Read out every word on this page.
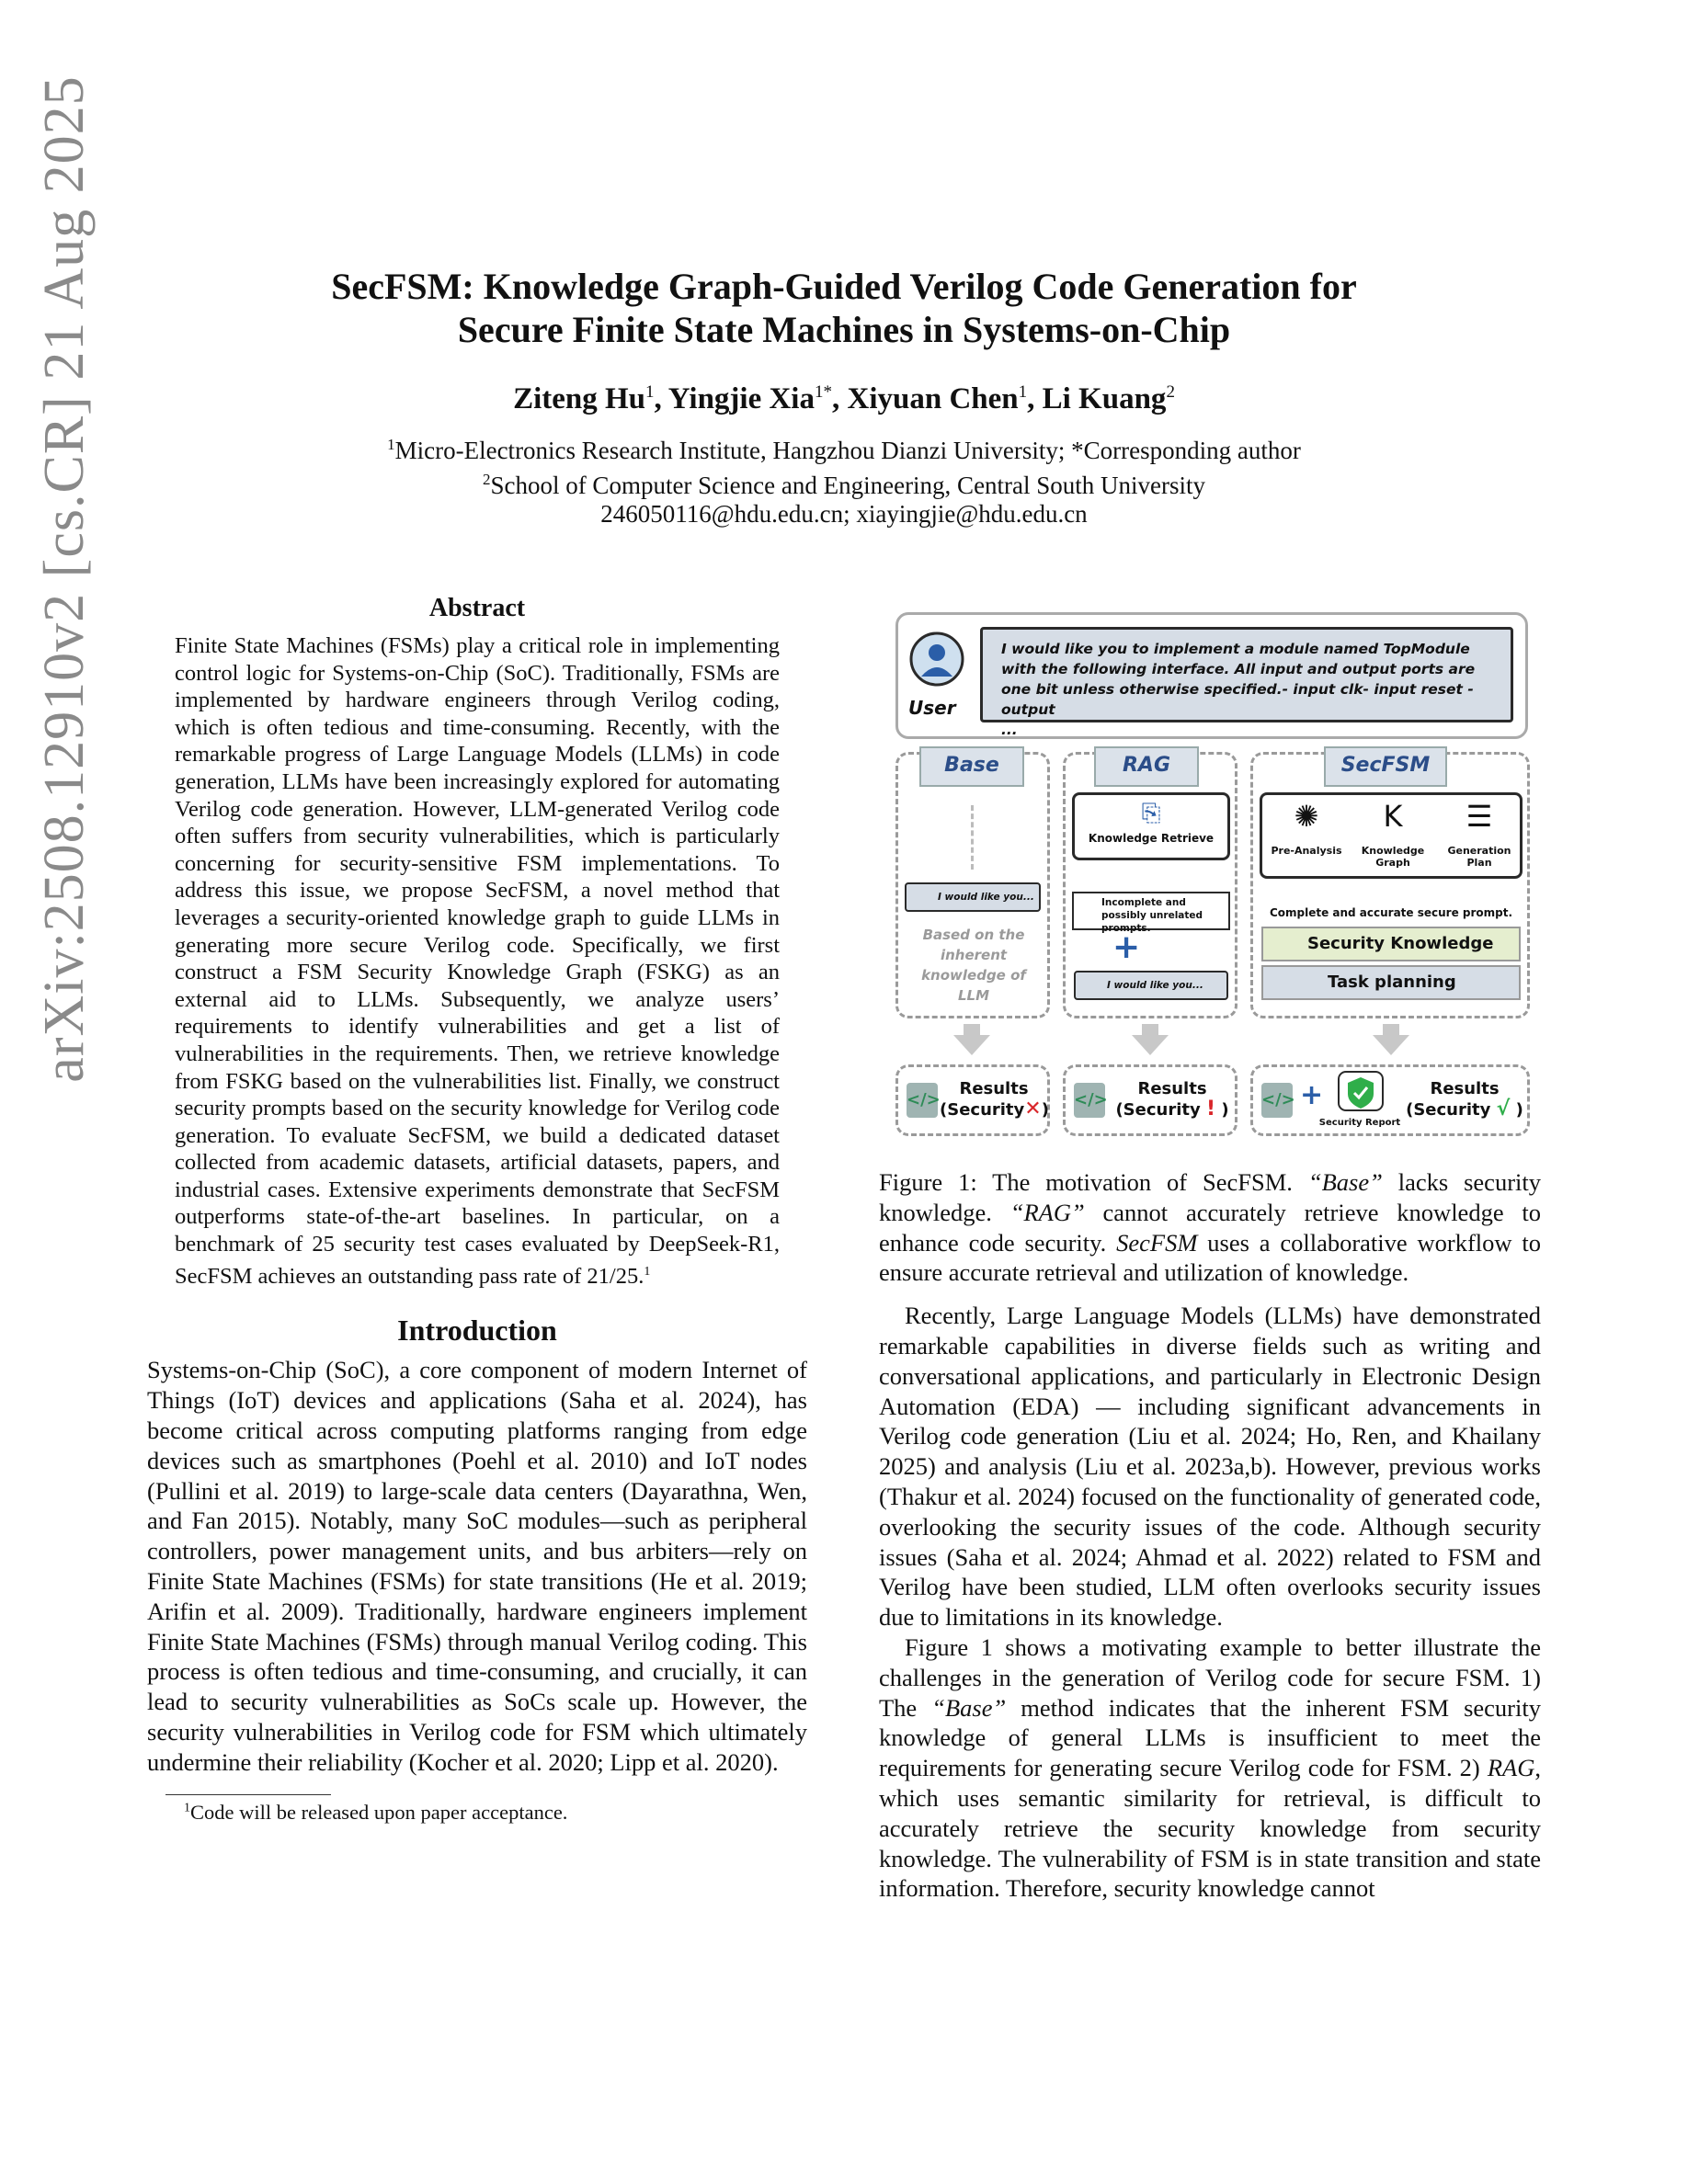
arXiv:2508.12910v2 [cs.CR] 21 Aug 2025	SecFSM: Knowledge Graph-Guided Verilog Code Generation for
Secure Finite State Machines in Systems-on-Chip
Ziteng Hu$^1$, Yingjie Xia$^{1*}$, Xiyuan Chen$^1$, Li Kuang$^2$
$^1$Micro-Electronics Research Institute, Hangzhou Dianzi University; *Corresponding author
$^2$School of Computer Science and Engineering, Central South University
246050116@hdu.edu.cn; xiayingjie@hdu.edu.cn
Abstract
Finite State Machines (FSMs) play a critical role in implementing control logic for Systems-on-Chip (SoC). Traditionally, FSMs are implemented by hardware engineers through Verilog coding, which is often tedious and time-consuming. Recently, with the remarkable progress of Large Language Models (LLMs) in code generation, LLMs have been increasingly explored for automating Verilog code generation. However, LLM-generated Verilog code often suffers from security vulnerabilities, which is particularly concerning for security-sensitive FSM implementations. To address this issue, we propose SecFSM, a novel method that leverages a security-oriented knowledge graph to guide LLMs in generating more secure Verilog code. Specifically, we first construct a FSM Security Knowledge Graph (FSKG) as an external aid to LLMs. Subsequently, we analyze users’ requirements to identify vulnerabilities and get a list of vulnerabilities in the requirements. Then, we retrieve knowledge from FSKG based on the vulnerabilities list. Finally, we construct security prompts based on the security knowledge for Verilog code generation. To evaluate SecFSM, we build a dedicated dataset collected from academic datasets, artificial datasets, papers, and industrial cases. Extensive experiments demonstrate that SecFSM outperforms state-of-the-art baselines. In particular, on a benchmark of 25 security test cases evaluated by DeepSeek-R1, SecFSM achieves an outstanding pass rate of 21/25.$^1$
Introduction

Systems-on-Chip (SoC), a core component of modern Internet of Things (IoT) devices and applications (Saha et al. 2024), has become critical across computing platforms ranging from edge devices such as smartphones (Poehl et al. 2010) and IoT nodes (Pullini et al. 2019) to large-scale data centers (Dayarathna, Wen, and Fan 2015). Notably, many SoC modules—such as peripheral controllers, power management units, and bus arbiters—rely on Finite State Machines (FSMs) for state transitions (He et al. 2019; Arifin et al. 2009). Traditionally, hardware engineers implement Finite State Machines (FSMs) through manual Verilog coding. This process is often tedious and time-consuming, and crucially, it can lead to security vulnerabilities as SoCs scale up. However, the security vulnerabilities in Verilog code for FSM which ultimately undermine their reliability (Kocher et al. 2020; Lipp et al. 2020).

$^1$Code will be released upon paper acceptance.
User
I would like you to implement a module named TopModule with the following interface. All input and output ports are one bit unless otherwise specified.- input clk- input reset -output
...
Base
I would like you...
Based on the inherent knowledge of LLM
RAG
⎘
Knowledge Retrieve
Incomplete and possibly unrelated prompts.
+
I would like you...
SecFSM
✺
Pre-Analysis
K
Knowledge Graph
☰
Generation Plan
Complete and accurate secure prompt.
Security Knowledge
Task planning
</>
Results
(Security✕)
</>
Results
(Security ! )
</> +
Security Report
Results
(Security √ )
Figure 1: The motivation of SecFSM. “Base” lacks security knowledge. “RAG” cannot accurately retrieve knowledge to enhance code security. SecFSM uses a collaborative workflow to ensure accurate retrieval and utilization of knowledge.

Recently, Large Language Models (LLMs) have demonstrated remarkable capabilities in diverse fields such as writing and conversational applications, and particularly in Electronic Design Automation (EDA) — including significant advancements in Verilog code generation (Liu et al. 2024; Ho, Ren, and Khailany 2025) and analysis (Liu et al. 2023a,b). However, previous works (Thakur et al. 2024) focused on the functionality of generated code, overlooking the security issues of the code. Although security issues (Saha et al. 2024; Ahmad et al. 2022) related to FSM and Verilog have been studied, LLM often overlooks security issues due to limitations in its knowledge.

Figure 1 shows a motivating example to better illustrate the challenges in the generation of Verilog code for secure FSM. 1) The “Base” method indicates that the inherent FSM security knowledge of general LLMs is insufficient to meet the requirements for generating secure Verilog code for FSM. 2) RAG, which uses semantic similarity for retrieval, is difficult to accurately retrieve the security knowledge from security knowledge. The vulnerability of FSM is in state transition and state information. Therefore, security knowledge cannot
